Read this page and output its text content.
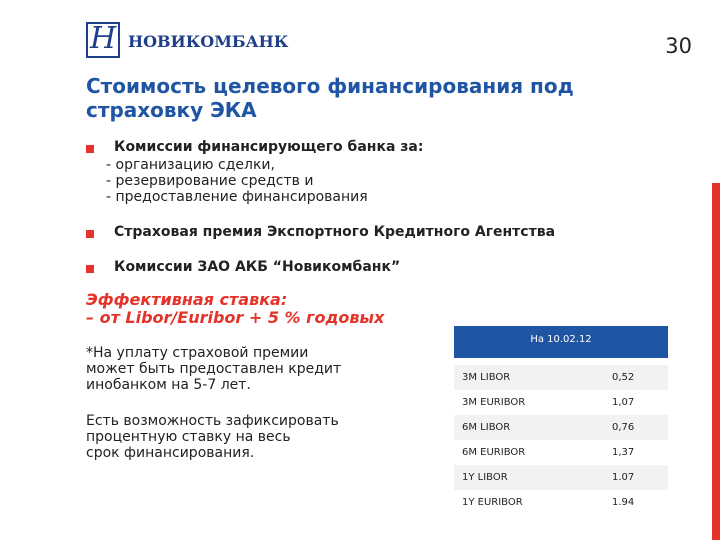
Н НОВИКОМБАНК	30
Стоимость целевого финансирования под страховку ЭКА
Комиссии финансирующего банка за:
- организацию сделки,
- резервирование средств и
- предоставление финансирования
Страховая премия Экспортного Кредитного Агентства
Комиссии ЗАО АКБ “Новикомбанк”
Эффективная ставка:
– от Libor/Euribor + 5 % годовых
*На уплату страховой премии
может быть предоставлен кредит
инобанком на 5-7 лет.
Есть возможность зафиксировать
процентную ставку на весь
срок финансирования.
На 10.02.12
3M LIBOR	0,52
3M EURIBOR	1,07
6M LIBOR	0,76
6M EURIBOR	1,37
1Y LIBOR	1.07
1Y EURIBOR	1.94
